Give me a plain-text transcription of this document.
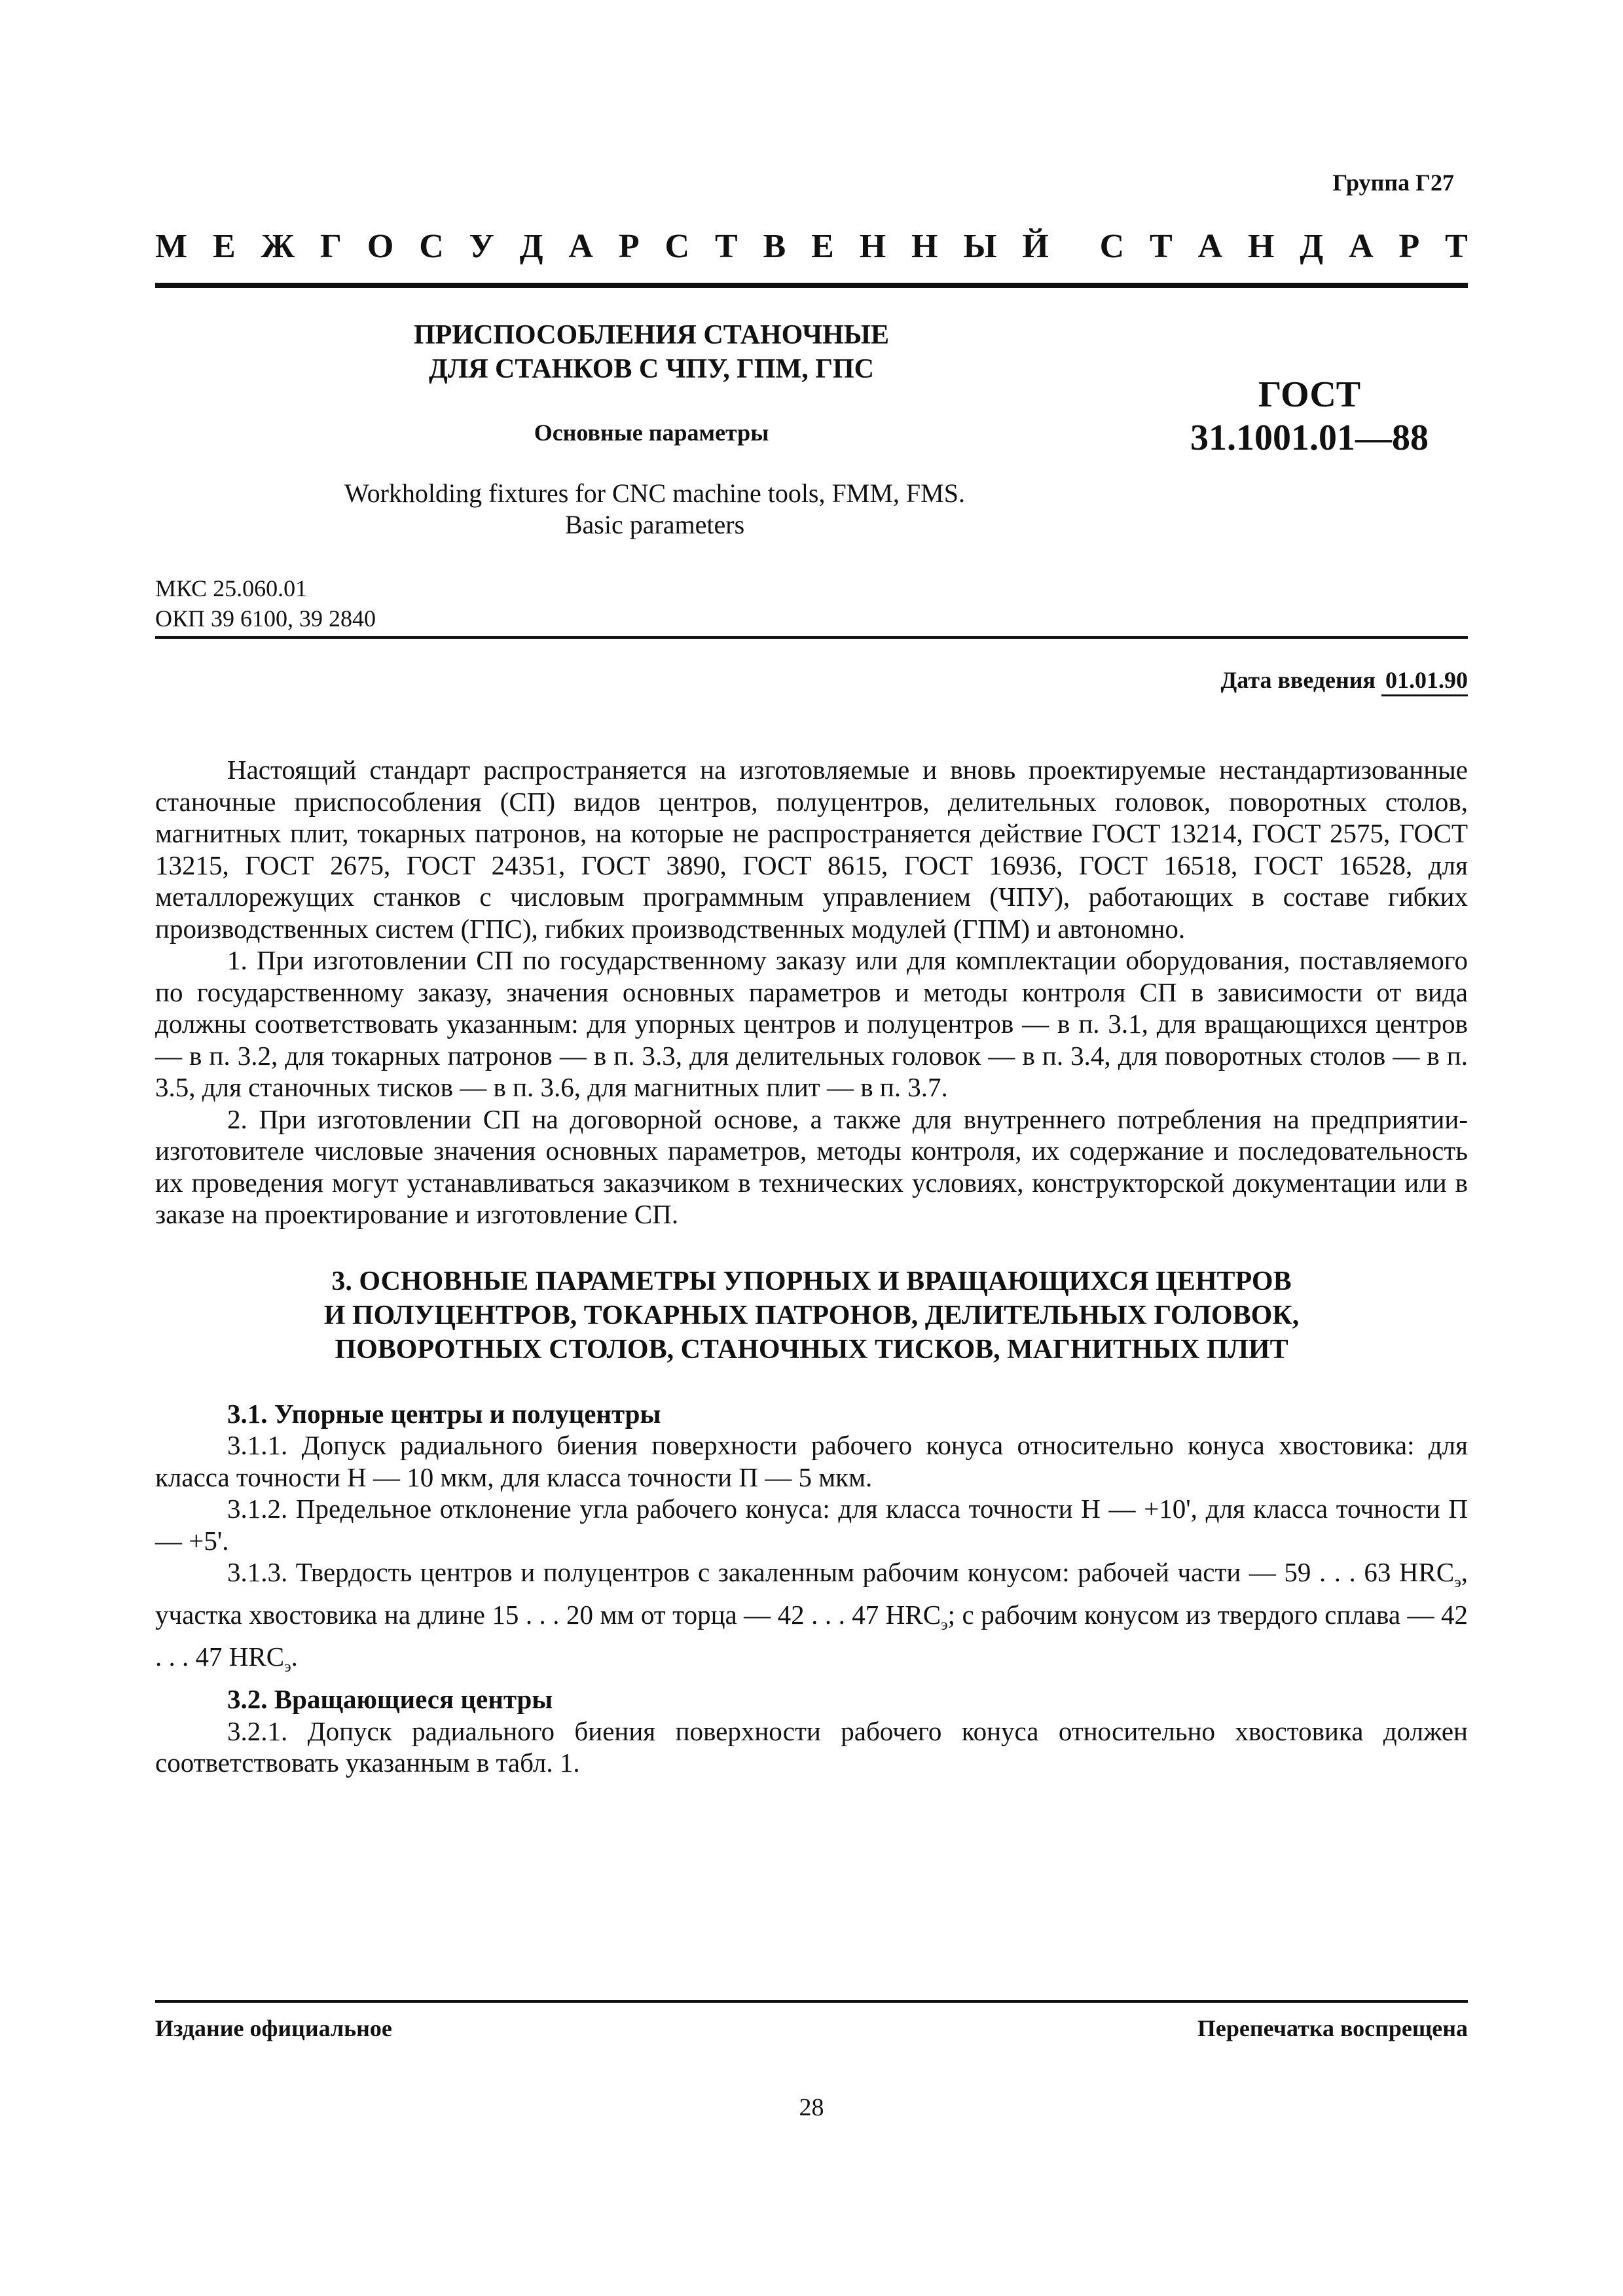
Группа Г27
М Е Ж Г О С У Д А Р С Т В Е Н Н Ы Й С Т А Н Д А Р Т
ПРИСПОСОБЛЕНИЯ СТАНОЧНЫЕ
ДЛЯ СТАНКОВ С ЧПУ, ГПМ, ГПС
Основные параметры
ГОСТ
31.1001.01—88
Workholding fixtures for CNC machine tools, FMM, FMS.
Basic parameters
МКС 25.060.01
ОКП 39 6100, 39 2840
Дата введения 01.01.90

Настоящий стандарт распространяется на изготовляемые и вновь проектируемые нестандартизованные станочные приспособления (СП) видов центров, полуцентров, делительных головок, поворотных столов, магнитных плит, токарных патронов, на которые не распространяется действие ГОСТ 13214, ГОСТ 2575, ГОСТ 13215, ГОСТ 2675, ГОСТ 24351, ГОСТ 3890, ГОСТ 8615, ГОСТ 16936, ГОСТ 16518, ГОСТ 16528, для металлорежущих станков с числовым программным управлением (ЧПУ), работающих в составе гибких производственных систем (ГПС), гибких производственных модулей (ГПМ) и автономно.

1. При изготовлении СП по государственному заказу или для комплектации оборудования, поставляемого по государственному заказу, значения основных параметров и методы контроля СП в зависимости от вида должны соответствовать указанным: для упорных центров и полуцентров — в п. 3.1, для вращающихся центров — в п. 3.2, для токарных патронов — в п. 3.3, для делительных головок — в п. 3.4, для поворотных столов — в п. 3.5, для станочных тисков — в п. 3.6, для магнитных плит — в п. 3.7.

2. При изготовлении СП на договорной основе, а также для внутреннего потребления на предприятии-изготовителе числовые значения основных параметров, методы контроля, их содержание и последовательность их проведения могут устанавливаться заказчиком в технических условиях, конструкторской документации или в заказе на проектирование и изготовление СП.

3. ОСНОВНЫЕ ПАРАМЕТРЫ УПОРНЫХ И ВРАЩАЮЩИХСЯ ЦЕНТРОВ
И ПОЛУЦЕНТРОВ, ТОКАРНЫХ ПАТРОНОВ, ДЕЛИТЕЛЬНЫХ ГОЛОВОК,
ПОВОРОТНЫХ СТОЛОВ, СТАНОЧНЫХ ТИСКОВ, МАГНИТНЫХ ПЛИТ

3.1. Упорные центры и полуцентры

3.1.1. Допуск радиального биения поверхности рабочего конуса относительно конуса хвостовика: для класса точности Н — 10 мкм, для класса точности П — 5 мкм.

3.1.2. Предельное отклонение угла рабочего конуса: для класса точности Н — +10', для класса точности П — +5'.

3.1.3. Твердость центров и полуцентров с закаленным рабочим конусом: рабочей части — 59 . . . 63 $HRC_э$, участка хвостовика на длине 15 . . . 20 мм от торца — 42 . . . 47 $HRC_э$; с рабочим конусом из твердого сплава — 42 . . . 47 $HRC_э$.

3.2. Вращающиеся центры

3.2.1. Допуск радиального биения поверхности рабочего конуса относительно хвостовика должен соответствовать указанным в табл. 1.

Издание официальное	Перепечатка воспрещена
28
